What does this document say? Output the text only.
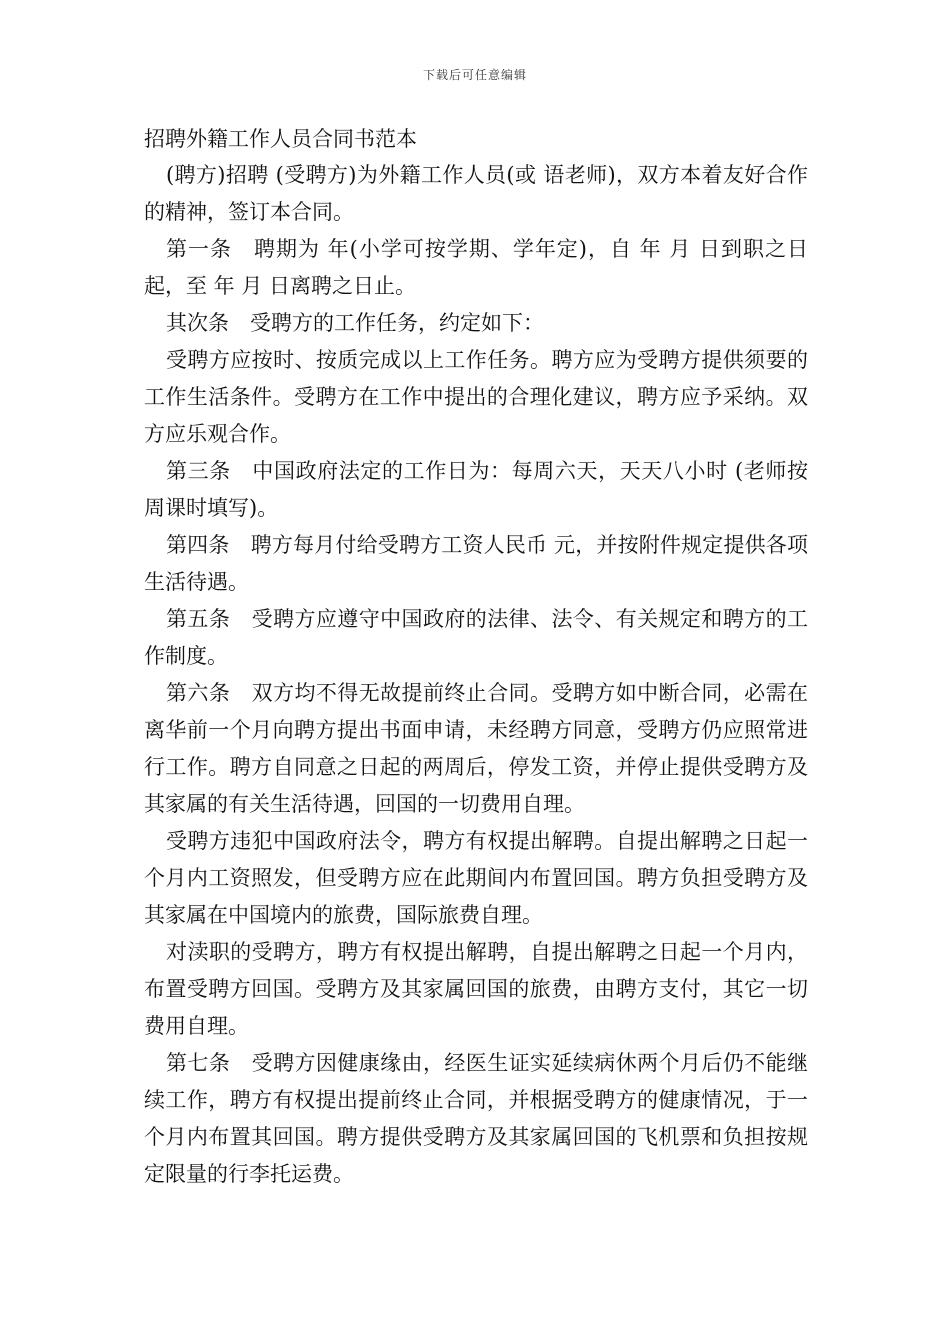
下载后可任意编辑

招聘外籍工作人员合同书范本

(聘方)招聘 (受聘方)为外籍工作人员(或 语老师)，双方本着友好合作的精神，签订本合同。

第一条　聘期为 年(小学可按学期、学年定)，自 年 月 日到职之日起，至 年 月 日离聘之日止。

其次条　受聘方的工作任务，约定如下：

受聘方应按时、按质完成以上工作任务。聘方应为受聘方提供须要的工作生活条件。受聘方在工作中提出的合理化建议，聘方应予采纳。双方应乐观合作。

第三条　中国政府法定的工作日为：每周六天，天天八小时 (老师按周课时填写)。

第四条　聘方每月付给受聘方工资人民币 元，并按附件规定提供各项生活待遇。

第五条　受聘方应遵守中国政府的法律、法令、有关规定和聘方的工作制度。

第六条　双方均不得无故提前终止合同。受聘方如中断合同，必需在离华前一个月向聘方提出书面申请，未经聘方同意，受聘方仍应照常进行工作。聘方自同意之日起的两周后，停发工资，并停止提供受聘方及其家属的有关生活待遇，回国的一切费用自理。

受聘方违犯中国政府法令，聘方有权提出解聘。自提出解聘之日起一个月内工资照发，但受聘方应在此期间内布置回国。聘方负担受聘方及其家属在中国境内的旅费，国际旅费自理。

对渎职的受聘方，聘方有权提出解聘，自提出解聘之日起一个月内，布置受聘方回国。受聘方及其家属回国的旅费，由聘方支付，其它一切费用自理。

第七条　受聘方因健康缘由，经医生证实延续病休两个月后仍不能继续工作，聘方有权提出提前终止合同，并根据受聘方的健康情况，于一个月内布置其回国。聘方提供受聘方及其家属回国的飞机票和负担按规定限量的行李托运费。
